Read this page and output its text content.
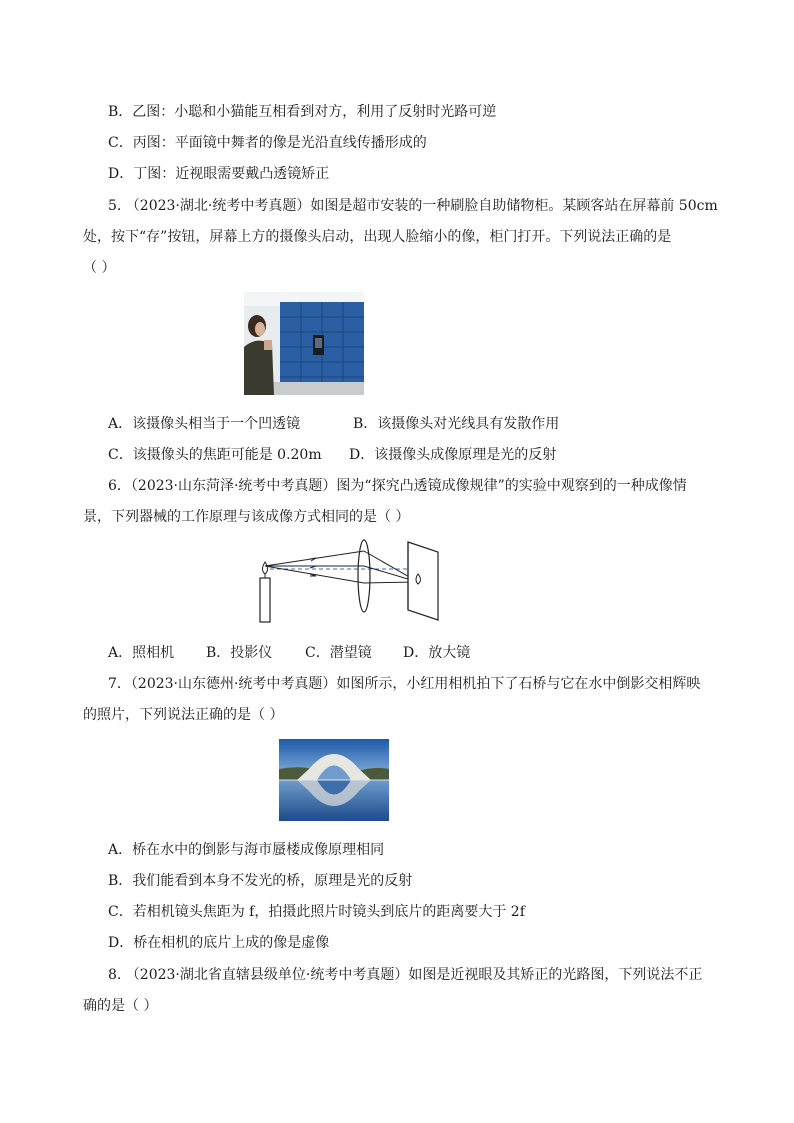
B．乙图：小聪和小猫能互相看到对方，利用了反射时光路可逆
C．丙图：平面镜中舞者的像是光沿直线传播形成的
D．丁图：近视眼需要戴凸透镜矫正
5. （2023·湖北·统考中考真题）如图是超市安装的一种刷脸自助储物柜。某顾客站在屏幕前 50cm
处，按下“存”按钮，屏幕上方的摄像头启动，出现人脸缩小的像，柜门打开。下列说法正确的是
（ ）
A．该摄像头相当于一个凹透镜	B．该摄像头对光线具有发散作用
C．该摄像头的焦距可能是 0.20m D．该摄像头成像原理是光的反射
6．（2023·山东菏泽·统考中考真题）图为“探究凸透镜成像规律”的实验中观察到的一种成像情
景，下列器械的工作原理与该成像方式相同的是（ ）
A．照相机 B．投影仪 C．潜望镜 D．放大镜
7．（2023·山东德州·统考中考真题）如图所示，小红用相机拍下了石桥与它在水中倒影交相辉映
的照片，下列说法正确的是（ ）
A．桥在水中的倒影与海市蜃楼成像原理相同
B．我们能看到本身不发光的桥，原理是光的反射
C．若相机镜头焦距为 f，拍摄此照片时镜头到底片的距离要大于 2f
D．桥在相机的底片上成的像是虚像
8. （2023·湖北省直辖县级单位·统考中考真题）如图是近视眼及其矫正的光路图，下列说法不正
确的是（ ）
